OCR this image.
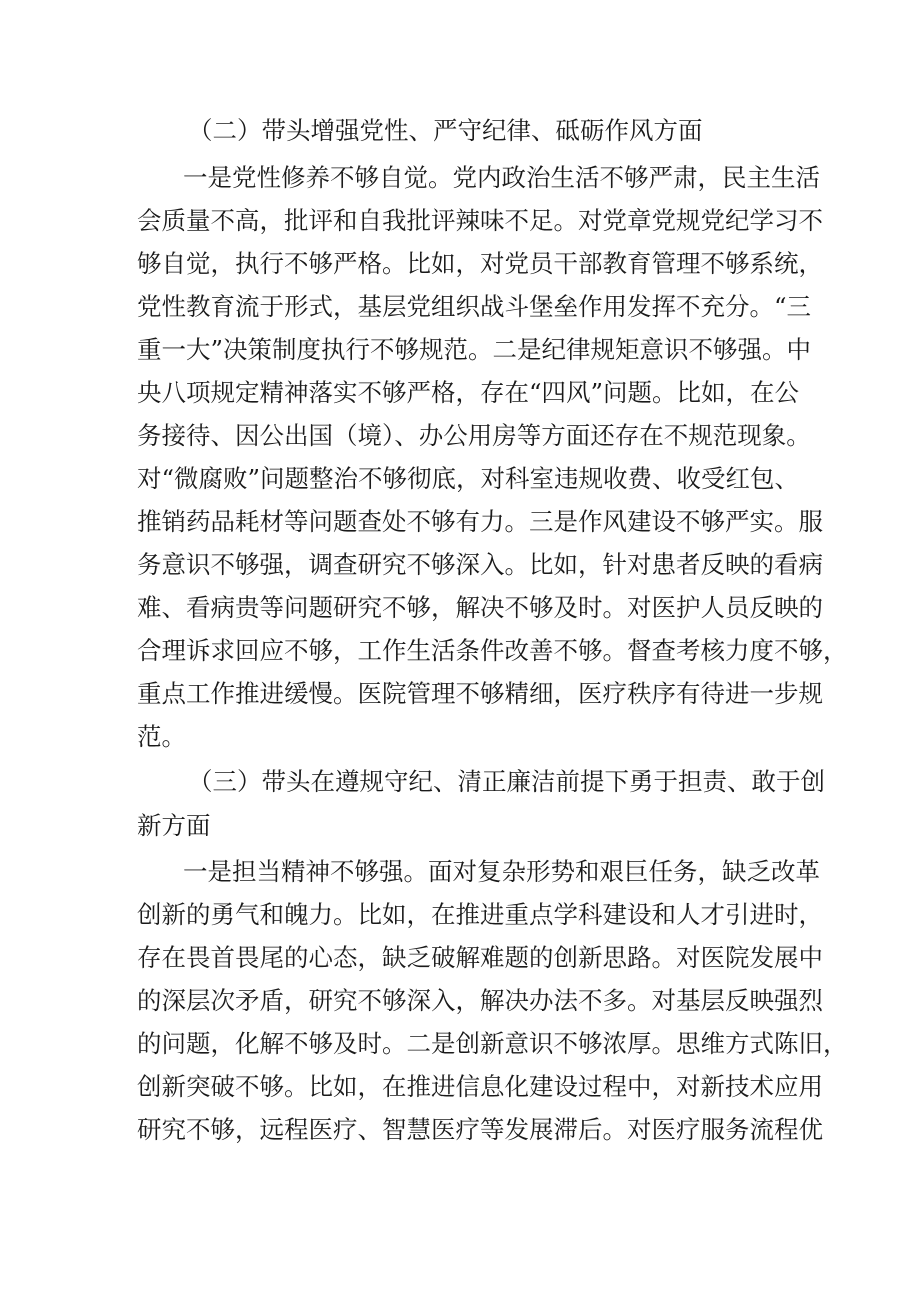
（二）带头增强党性、严守纪律、砥砺作风方面

一是党性修养不够自觉。党内政治生活不够严肃，民主生活

会质量不高，批评和自我批评辣味不足。对党章党规党纪学习不

够自觉，执行不够严格。比如，对党员干部教育管理不够系统，

党性教育流于形式，基层党组织战斗堡垒作用发挥不充分。“三

重一大”决策制度执行不够规范。二是纪律规矩意识不够强。中

央八项规定精神落实不够严格，存在“四风”问题。比如，在公

务接待、因公出国（境）、办公用房等方面还存在不规范现象。

对“微腐败”问题整治不够彻底，对科室违规收费、收受红包、

推销药品耗材等问题查处不够有力。三是作风建设不够严实。服

务意识不够强，调查研究不够深入。比如，针对患者反映的看病

难、看病贵等问题研究不够，解决不够及时。对医护人员反映的

合理诉求回应不够，工作生活条件改善不够。督查考核力度不够，

重点工作推进缓慢。医院管理不够精细，医疗秩序有待进一步规

范。

（三）带头在遵规守纪、清正廉洁前提下勇于担责、敢于创

新方面

一是担当精神不够强。面对复杂形势和艰巨任务，缺乏改革

创新的勇气和魄力。比如，在推进重点学科建设和人才引进时，

存在畏首畏尾的心态，缺乏破解难题的创新思路。对医院发展中

的深层次矛盾，研究不够深入，解决办法不多。对基层反映强烈

的问题，化解不够及时。二是创新意识不够浓厚。思维方式陈旧，

创新突破不够。比如，在推进信息化建设过程中，对新技术应用

研究不够，远程医疗、智慧医疗等发展滞后。对医疗服务流程优
